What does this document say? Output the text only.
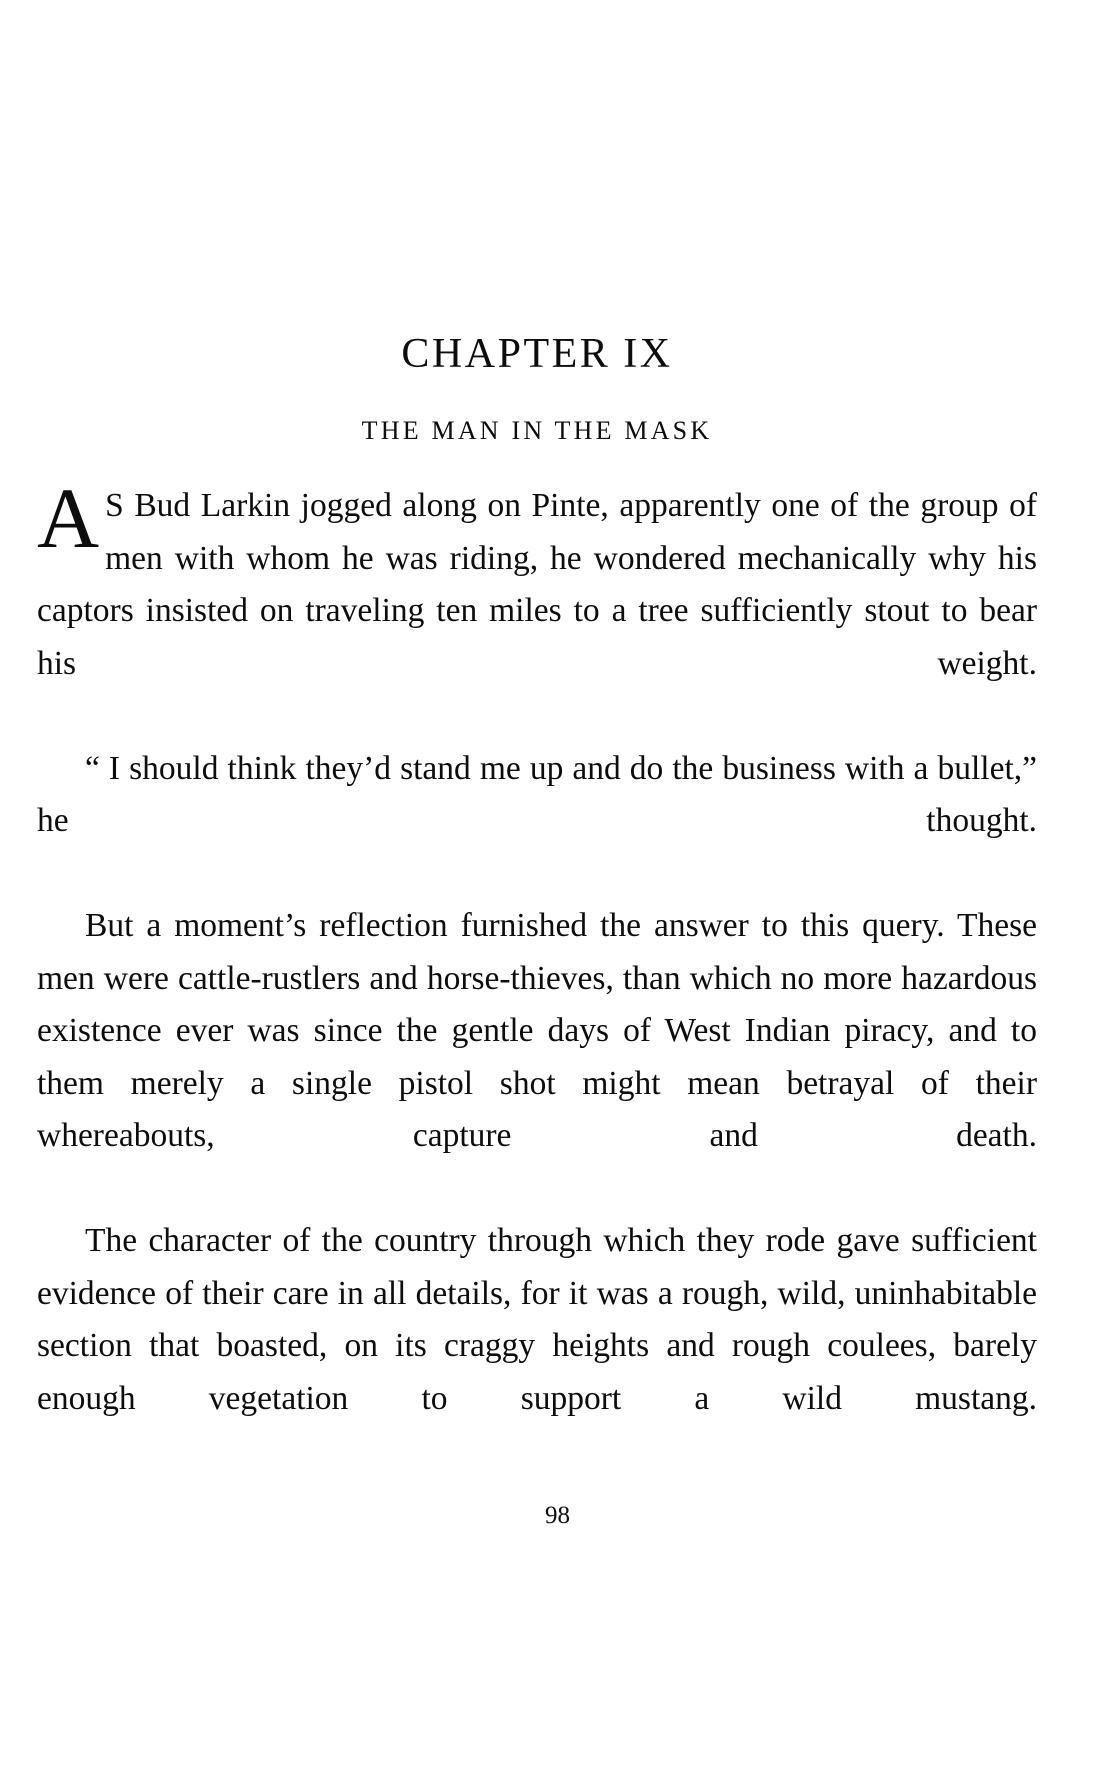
CHAPTER IX
THE MAN IN THE MASK

A S Bud Larkin jogged along on Pinte, apparently one of the group of men with whom he was riding, he wondered mechanically why his captors insisted on traveling ten miles to a tree sufficiently stout to bear his weight.

“ I should think they’d stand me up and do the business with a bullet,” he thought.

But a moment’s reflection furnished the answer to this query. These men were cattle-rustlers and horse-thieves, than which no more hazardous existence ever was since the gentle days of West Indian piracy, and to them merely a single pistol shot might mean betrayal of their whereabouts, capture and death.

The character of the country through which they rode gave sufficient evidence of their care in all details, for it was a rough, wild, uninhabitable section that boasted, on its craggy heights and rough coulees, barely enough vegetation to support a wild mustang.

98
